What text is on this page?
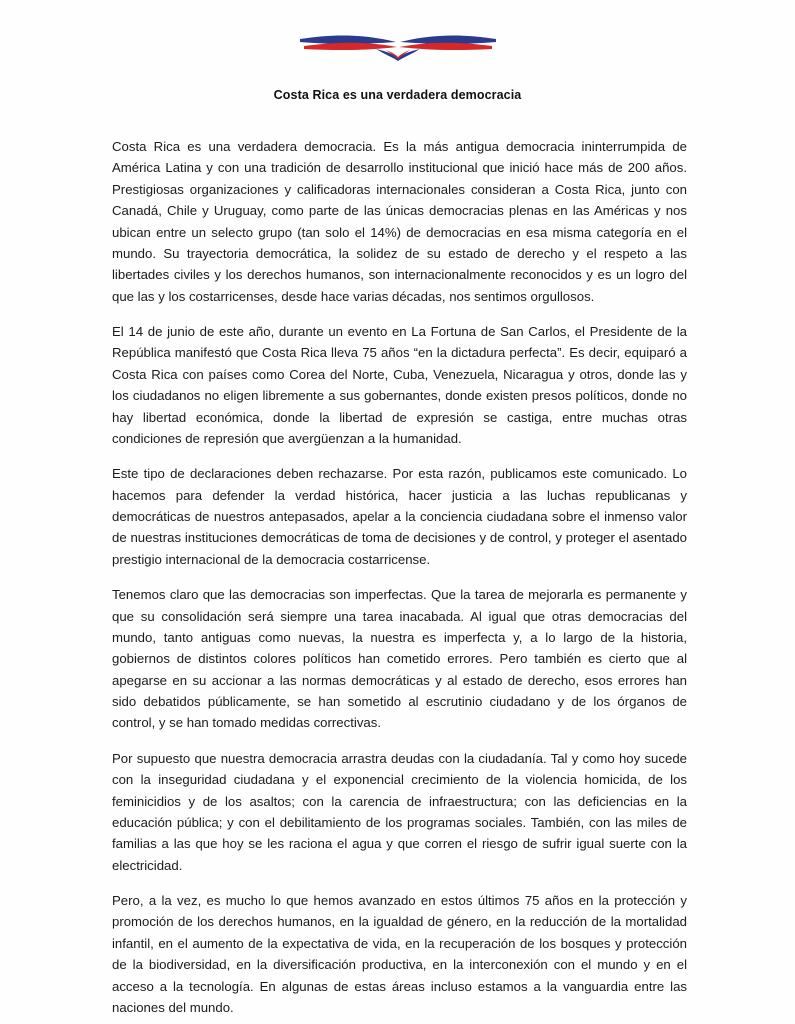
Costa Rica es una verdadera democracia

Costa Rica es una verdadera democracia. Es la más antigua democracia ininterrumpida de América Latina y con una tradición de desarrollo institucional que inició hace más de 200 años. Prestigiosas organizaciones y calificadoras internacionales consideran a Costa Rica, junto con Canadá, Chile y Uruguay, como parte de las únicas democracias plenas en las Américas y nos ubican entre un selecto grupo (tan solo el 14%) de democracias en esa misma categoría en el mundo. Su trayectoria democrática, la solidez de su estado de derecho y el respeto a las libertades civiles y los derechos humanos, son internacionalmente reconocidos y es un logro del que las y los costarricenses, desde hace varias décadas, nos sentimos orgullosos.

El 14 de junio de este año, durante un evento en La Fortuna de San Carlos, el Presidente de la República manifestó que Costa Rica lleva 75 años “en la dictadura perfecta”. Es decir, equiparó a Costa Rica con países como Corea del Norte, Cuba, Venezuela, Nicaragua y otros, donde las y los ciudadanos no eligen libremente a sus gobernantes, donde existen presos políticos, donde no hay libertad económica, donde la libertad de expresión se castiga, entre muchas otras condiciones de represión que avergüenzan a la humanidad.

Este tipo de declaraciones deben rechazarse. Por esta razón, publicamos este comunicado. Lo hacemos para defender la verdad histórica, hacer justicia a las luchas republicanas y democráticas de nuestros antepasados, apelar a la conciencia ciudadana sobre el inmenso valor de nuestras instituciones democráticas de toma de decisiones y de control, y proteger el asentado prestigio internacional de la democracia costarricense.

Tenemos claro que las democracias son imperfectas. Que la tarea de mejorarla es permanente y que su consolidación será siempre una tarea inacabada. Al igual que otras democracias del mundo, tanto antiguas como nuevas, la nuestra es imperfecta y, a lo largo de la historia, gobiernos de distintos colores políticos han cometido errores. Pero también es cierto que al apegarse en su accionar a las normas democráticas y al estado de derecho, esos errores han sido debatidos públicamente, se han sometido al escrutinio ciudadano y de los órganos de control, y se han tomado medidas correctivas.

Por supuesto que nuestra democracia arrastra deudas con la ciudadanía. Tal y como hoy sucede con la inseguridad ciudadana y el exponencial crecimiento de la violencia homicida, de los feminicidios y de los asaltos; con la carencia de infraestructura; con las deficiencias en la educación pública; y con el debilitamiento de los programas sociales. También, con las miles de familias a las que hoy se les raciona el agua y que corren el riesgo de sufrir igual suerte con la electricidad.

Pero, a la vez, es mucho lo que hemos avanzado en estos últimos 75 años en la protección y promoción de los derechos humanos, en la igualdad de género, en la reducción de la mortalidad infantil, en el aumento de la expectativa de vida, en la recuperación de los bosques y protección de la biodiversidad, en la diversificación productiva, en la interconexión con el mundo y en el acceso a la tecnología. En algunas de estas áreas incluso estamos a la vanguardia entre las naciones del mundo.
